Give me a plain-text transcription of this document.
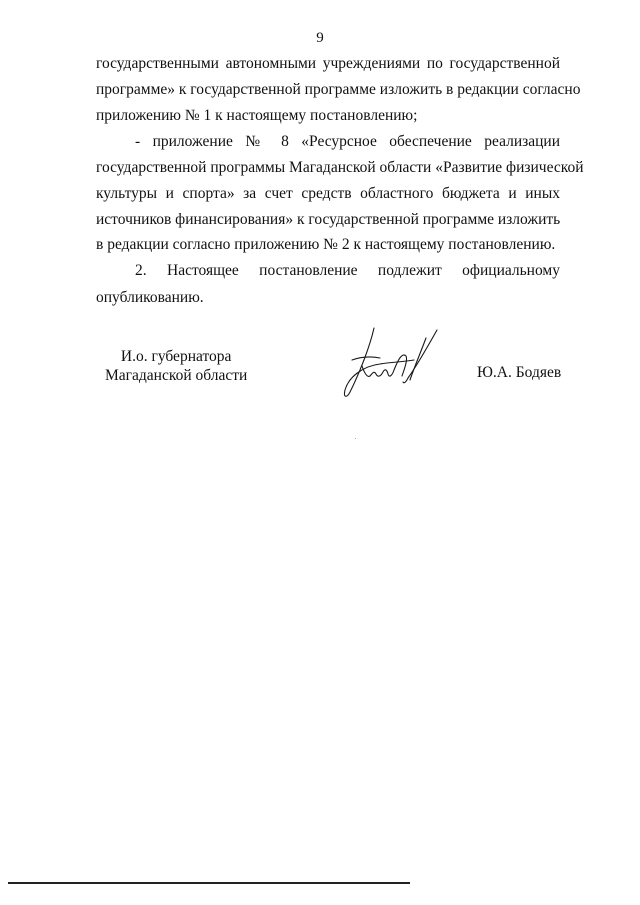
9
государственными автономными учреждениями по государственной
программе» к государственной программе изложить в редакции согласно
приложению № 1 к настоящему постановлению;
- приложение № 8 «Ресурсное обеспечение реализации
государственной программы Магаданской области «Развитие физической
культуры и спорта» за счет средств областного бюджета и иных
источников финансирования» к государственной программе изложить
в редакции согласно приложению № 2 к настоящему постановлению.
2. Настоящее постановление подлежит официальному
опубликованию.
И.о. губернатора
Магаданской области	Ю.А. Бодяев
